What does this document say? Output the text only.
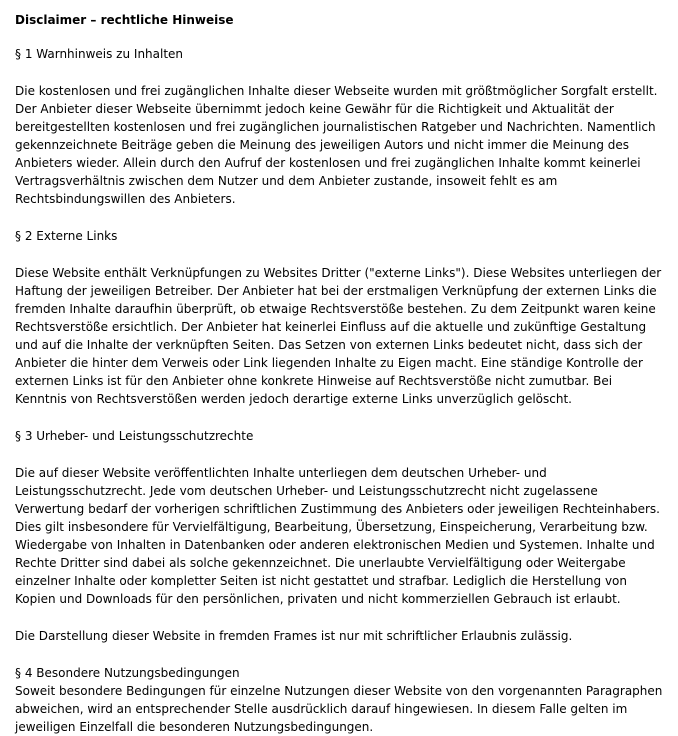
Disclaimer – rechtliche Hinweise
§ 1 Warnhinweis zu Inhalten
Die kostenlosen und frei zugänglichen Inhalte dieser Webseite wurden mit größtmöglicher Sorgfalt erstellt. Der Anbieter dieser Webseite übernimmt jedoch keine Gewähr für die Richtigkeit und Aktualität der bereitgestellten kostenlosen und frei zugänglichen journalistischen Ratgeber und Nachrichten. Namentlich gekennzeichnete Beiträge geben die Meinung des jeweiligen Autors und nicht immer die Meinung des Anbieters wieder. Allein durch den Aufruf der kostenlosen und frei zugänglichen Inhalte kommt keinerlei Vertragsverhältnis zwischen dem Nutzer und dem Anbieter zustande, insoweit fehlt es am Rechtsbindungswillen des Anbieters.
§ 2 Externe Links
Diese Website enthält Verknüpfungen zu Websites Dritter ("externe Links"). Diese Websites unterliegen der Haftung der jeweiligen Betreiber. Der Anbieter hat bei der erstmaligen Verknüpfung der externen Links die fremden Inhalte daraufhin überprüft, ob etwaige Rechtsverstöße bestehen. Zu dem Zeitpunkt waren keine Rechtsverstöße ersichtlich. Der Anbieter hat keinerlei Einfluss auf die aktuelle und zukünftige Gestaltung und auf die Inhalte der verknüpften Seiten. Das Setzen von externen Links bedeutet nicht, dass sich der Anbieter die hinter dem Verweis oder Link liegenden Inhalte zu Eigen macht. Eine ständige Kontrolle der externen Links ist für den Anbieter ohne konkrete Hinweise auf Rechtsverstöße nicht zumutbar. Bei Kenntnis von Rechtsverstößen werden jedoch derartige externe Links unverzüglich gelöscht.
§ 3 Urheber- und Leistungsschutzrechte
Die auf dieser Website veröffentlichten Inhalte unterliegen dem deutschen Urheber- und Leistungsschutzrecht. Jede vom deutschen Urheber- und Leistungsschutzrecht nicht zugelassene Verwertung bedarf der vorherigen schriftlichen Zustimmung des Anbieters oder jeweiligen Rechteinhabers. Dies gilt insbesondere für Vervielfältigung, Bearbeitung, Übersetzung, Einspeicherung, Verarbeitung bzw. Wiedergabe von Inhalten in Datenbanken oder anderen elektronischen Medien und Systemen. Inhalte und Rechte Dritter sind dabei als solche gekennzeichnet. Die unerlaubte Vervielfältigung oder Weitergabe einzelner Inhalte oder kompletter Seiten ist nicht gestattet und strafbar. Lediglich die Herstellung von Kopien und Downloads für den persönlichen, privaten und nicht kommerziellen Gebrauch ist erlaubt.
Die Darstellung dieser Website in fremden Frames ist nur mit schriftlicher Erlaubnis zulässig.
§ 4 Besondere Nutzungsbedingungen
Soweit besondere Bedingungen für einzelne Nutzungen dieser Website von den vorgenannten Paragraphen abweichen, wird an entsprechender Stelle ausdrücklich darauf hingewiesen. In diesem Falle gelten im jeweiligen Einzelfall die besonderen Nutzungsbedingungen.
